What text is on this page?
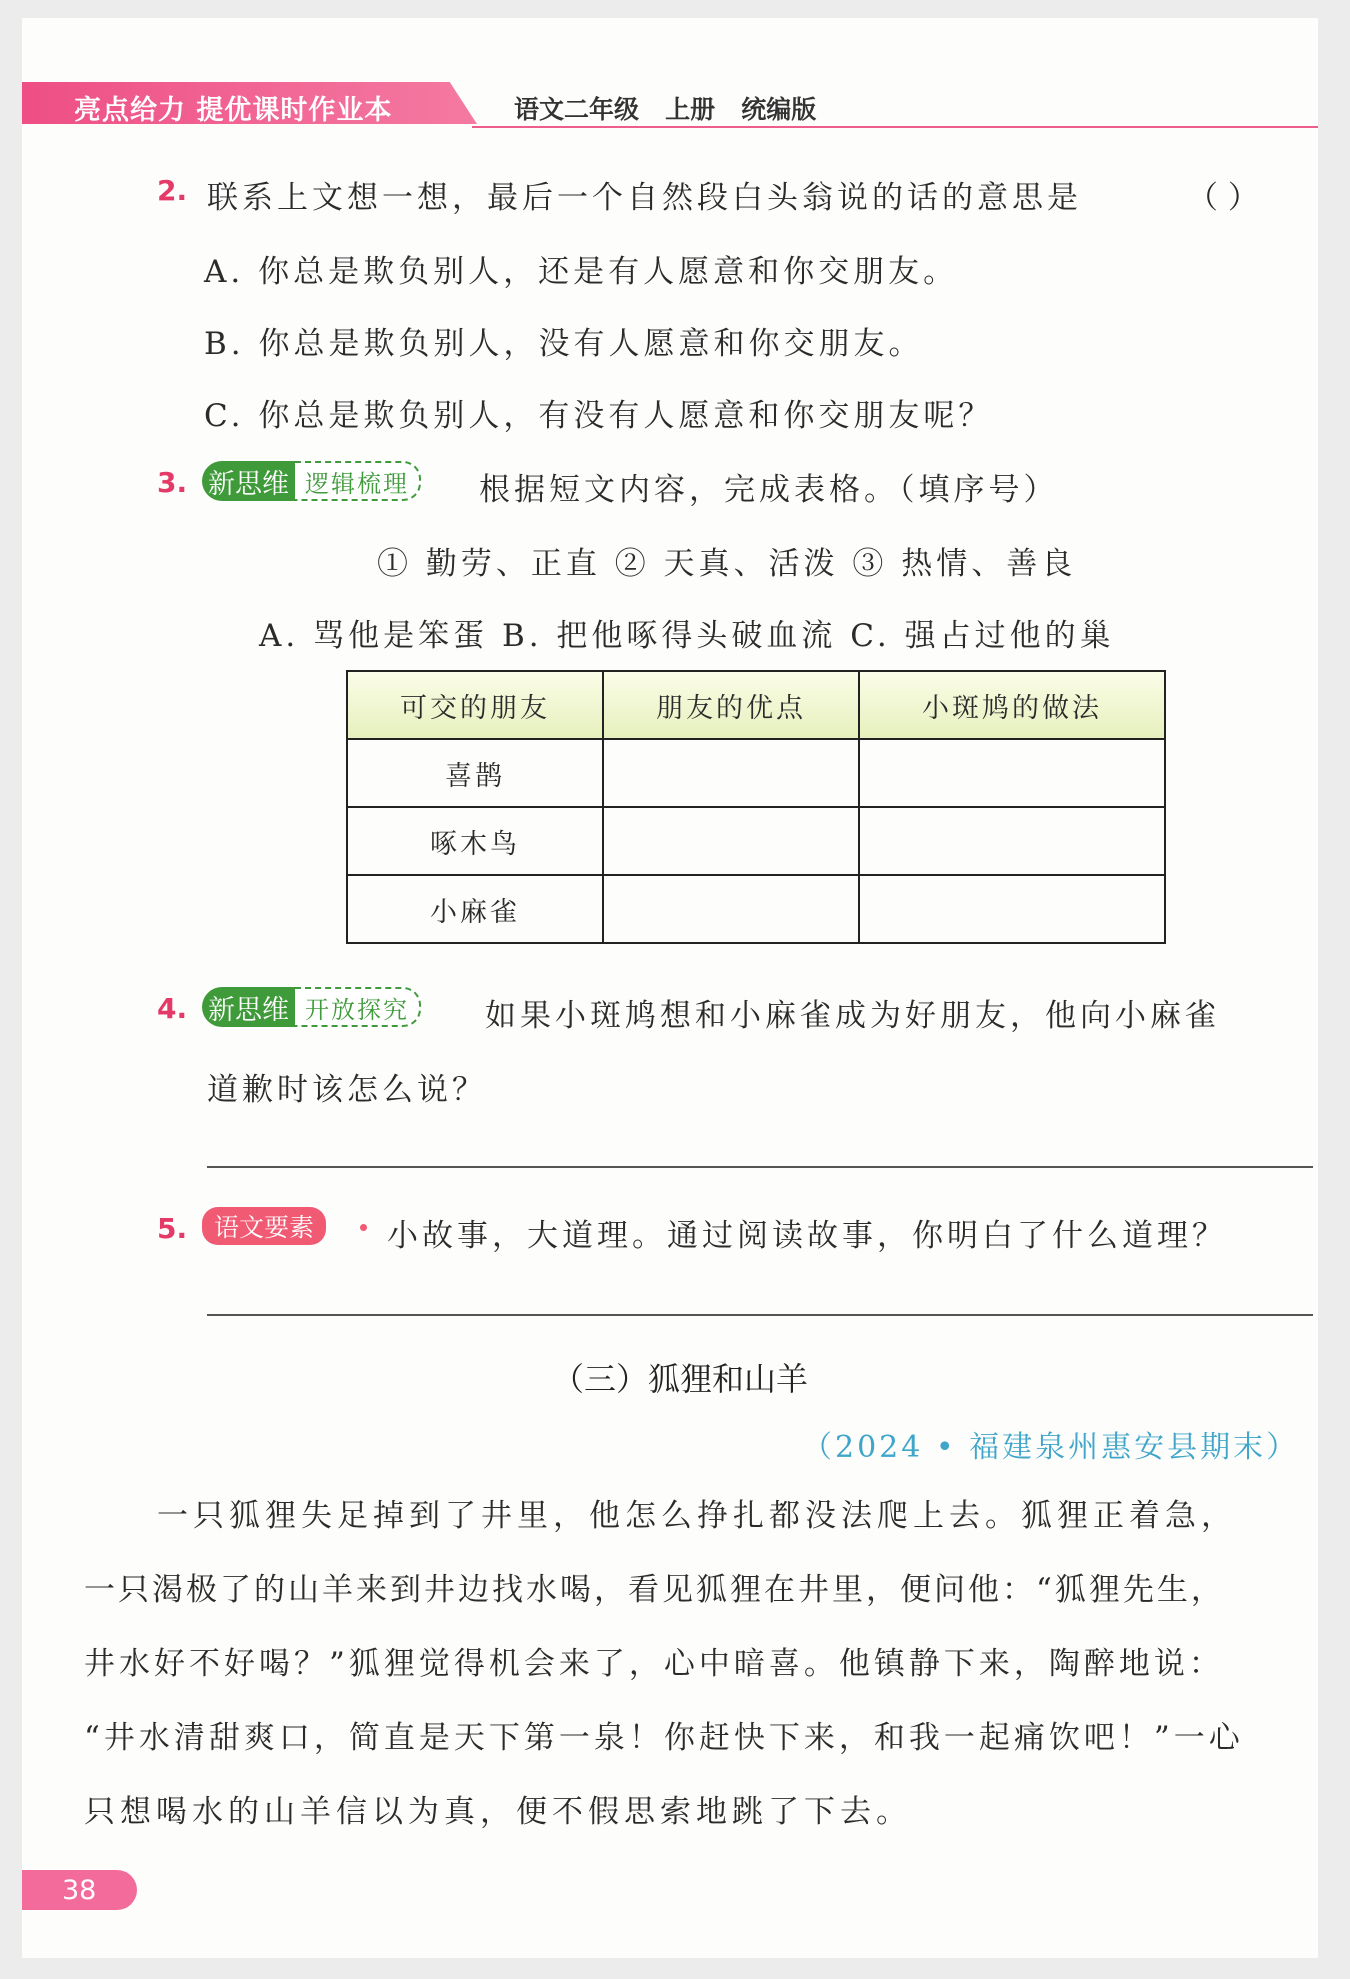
亮点给力 提优课时作业本	语文二年级   上册   统编版
2. 联系上文想一想，最后一个自然段白头翁说的话的意思是	（ ）
A. 你总是欺负别人，还是有人愿意和你交朋友。
B. 你总是欺负别人，没有人愿意和你交朋友。
C. 你总是欺负别人，有没有人愿意和你交朋友呢？
3. 新思维 逻辑梳理	根据短文内容，完成表格。（填序号）
① 勤劳、正直 ② 天真、活泼 ③ 热情、善良
A. 骂他是笨蛋 B. 把他啄得头破血流 C. 强占过他的巢
可交的朋友	朋友的优点	小斑鸠的做法
喜鹊		
啄木鸟		
小麻雀		
4. 新思维 开放探究	如果小斑鸠想和小麻雀成为好朋友，他向小麻雀
道歉时该怎么说？
5.	语文要素	小故事，大道理。通过阅读故事，你明白了什么道理？
（三）狐狸和山羊
（2024 • 福建泉州惠安县期末）
一只狐狸失足掉到了井里，他怎么挣扎都没法爬上去。狐狸正着急，
一只渴极了的山羊来到井边找水喝，看见狐狸在井里，便问他：“狐狸先生，
井水好不好喝？”狐狸觉得机会来了，心中暗喜。他镇静下来，陶醉地说：
“井水清甜爽口，简直是天下第一泉！你赶快下来，和我一起痛饮吧！”一心
只想喝水的山羊信以为真，便不假思索地跳了下去。
38
